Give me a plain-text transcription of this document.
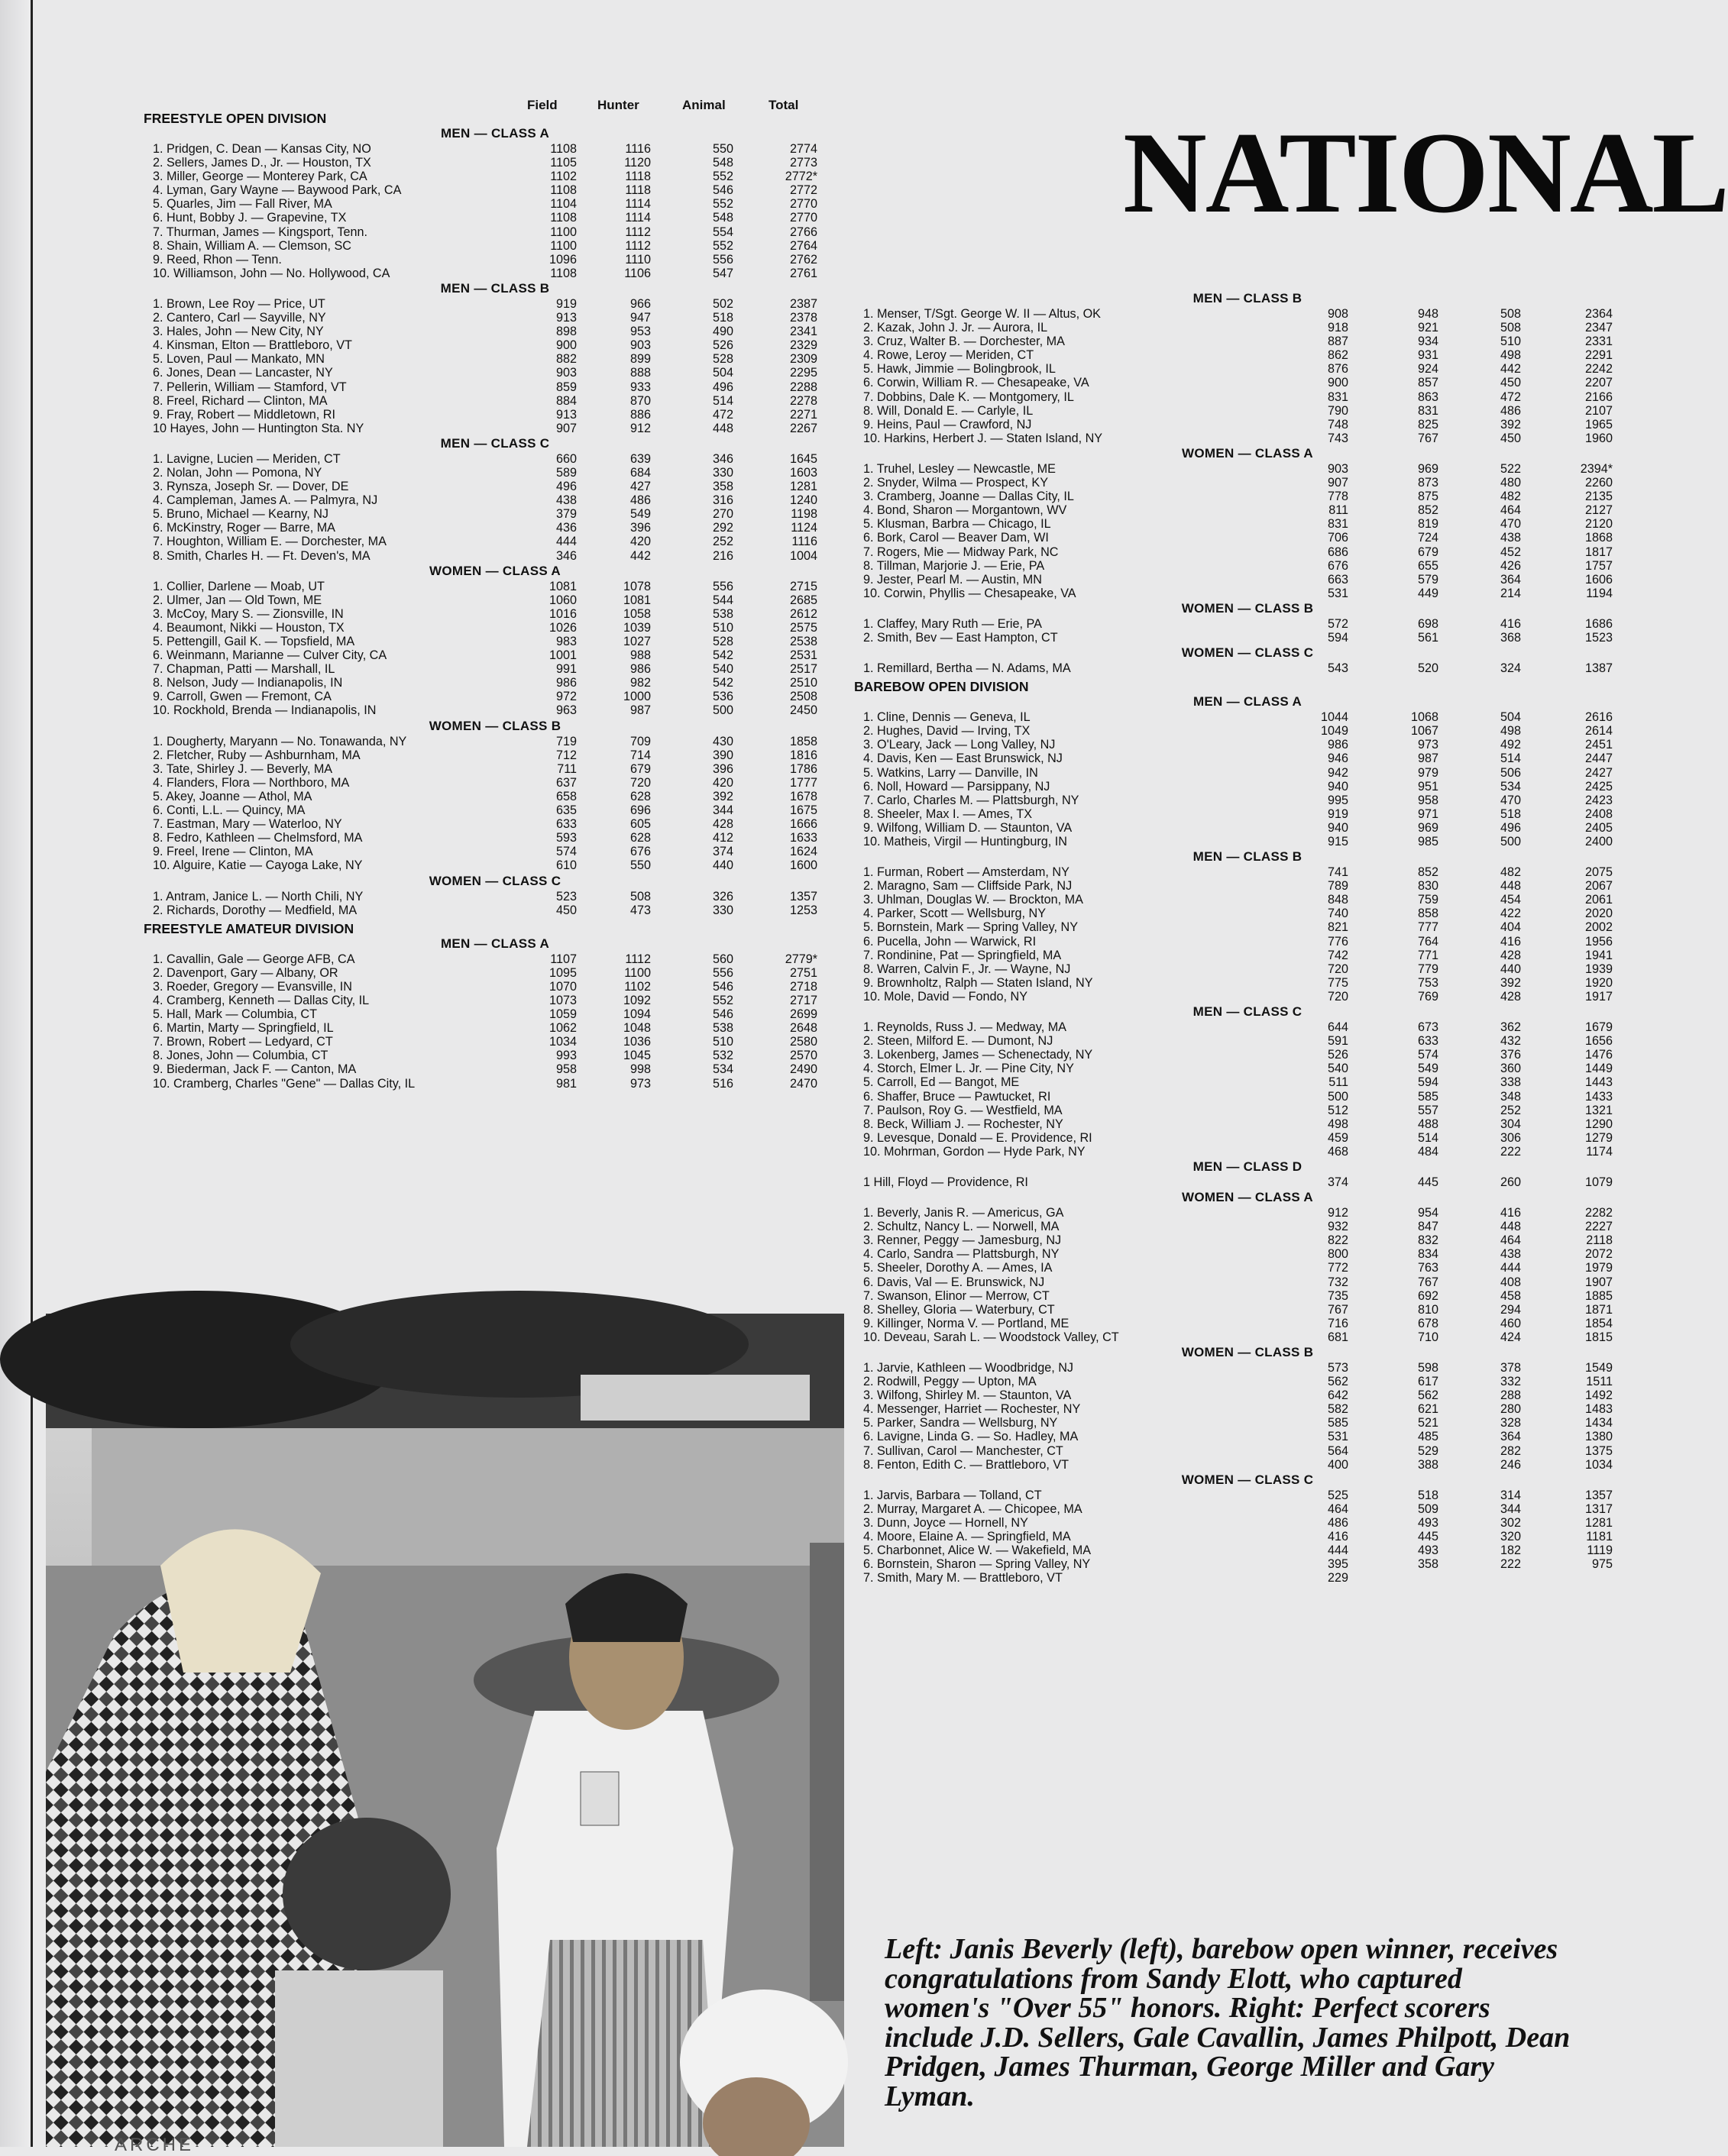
Field	Hunter	Animal	Total
NATIONAL
FREESTYLE OPEN DIVISION
MEN — CLASS A
1. Pridgen, C. Dean — Kansas City, NO	1108	1116	550	2774
2. Sellers, James D., Jr. — Houston, TX	1105	1120	548	2773
3. Miller, George — Monterey Park, CA	1102	1118	552	2772*
4. Lyman, Gary Wayne — Baywood Park, CA	1108	1118	546	2772
5. Quarles, Jim — Fall River, MA	1104	1114	552	2770
6. Hunt, Bobby J. — Grapevine, TX	1108	1114	548	2770
7. Thurman, James — Kingsport, Tenn.	1100	1112	554	2766
8. Shain, William A. — Clemson, SC	1100	1112	552	2764
9. Reed, Rhon — Tenn.	1096	1110	556	2762
10. Williamson, John — No. Hollywood, CA	1108	1106	547	2761
MEN — CLASS B
1. Brown, Lee Roy — Price, UT	919	966	502	2387
2. Cantero, Carl — Sayville, NY	913	947	518	2378
3. Hales, John — New City, NY	898	953	490	2341
4. Kinsman, Elton — Brattleboro, VT	900	903	526	2329
5. Loven, Paul — Mankato, MN	882	899	528	2309
6. Jones, Dean — Lancaster, NY	903	888	504	2295
7. Pellerin, William — Stamford, VT	859	933	496	2288
8. Freel, Richard — Clinton, MA	884	870	514	2278
9. Fray, Robert — Middletown, RI	913	886	472	2271
10 Hayes, John — Huntington Sta. NY	907	912	448	2267
MEN — CLASS C
1. Lavigne, Lucien — Meriden, CT	660	639	346	1645
2. Nolan, John — Pomona, NY	589	684	330	1603
3. Rynsza, Joseph Sr. — Dover, DE	496	427	358	1281
4. Campleman, James A. — Palmyra, NJ	438	486	316	1240
5. Bruno, Michael — Kearny, NJ	379	549	270	1198
6. McKinstry, Roger — Barre, MA	436	396	292	1124
7. Houghton, William E. — Dorchester, MA	444	420	252	1116
8. Smith, Charles H. — Ft. Deven's, MA	346	442	216	1004
WOMEN — CLASS A
1. Collier, Darlene — Moab, UT	1081	1078	556	2715
2. Ulmer, Jan — Old Town, ME	1060	1081	544	2685
3. McCoy, Mary S. — Zionsville, IN	1016	1058	538	2612
4. Beaumont, Nikki — Houston, TX	1026	1039	510	2575
5. Pettengill, Gail K. — Topsfield, MA	983	1027	528	2538
6. Weinmann, Marianne — Culver City, CA	1001	988	542	2531
7. Chapman, Patti — Marshall, IL	991	986	540	2517
8. Nelson, Judy — Indianapolis, IN	986	982	542	2510
9. Carroll, Gwen — Fremont, CA	972	1000	536	2508
10. Rockhold, Brenda — Indianapolis, IN	963	987	500	2450
WOMEN — CLASS B
1. Dougherty, Maryann — No. Tonawanda, NY	719	709	430	1858
2. Fletcher, Ruby — Ashburnham, MA	712	714	390	1816
3. Tate, Shirley J. — Beverly, MA	711	679	396	1786
4. Flanders, Flora — Northboro, MA	637	720	420	1777
5. Akey, Joanne — Athol, MA	658	628	392	1678
6. Conti, L.L. — Quincy, MA	635	696	344	1675
7. Eastman, Mary — Waterloo, NY	633	605	428	1666
8. Fedro, Kathleen — Chelmsford, MA	593	628	412	1633
9. Freel, Irene — Clinton, MA	574	676	374	1624
10. Alguire, Katie — Cayoga Lake, NY	610	550	440	1600
WOMEN — CLASS C
1. Antram, Janice L. — North Chili, NY	523	508	326	1357
2. Richards, Dorothy — Medfield, MA	450	473	330	1253
FREESTYLE AMATEUR DIVISION
MEN — CLASS A
1. Cavallin, Gale — George AFB, CA	1107	1112	560	2779*
2. Davenport, Gary — Albany, OR	1095	1100	556	2751
3. Roeder, Gregory — Evansville, IN	1070	1102	546	2718
4. Cramberg, Kenneth — Dallas City, IL	1073	1092	552	2717
5. Hall, Mark — Columbia, CT	1059	1094	546	2699
6. Martin, Marty — Springfield, IL	1062	1048	538	2648
7. Brown, Robert — Ledyard, CT	1034	1036	510	2580
8. Jones, John — Columbia, CT	993	1045	532	2570
9. Biederman, Jack F. — Canton, MA	958	998	534	2490
10. Cramberg, Charles "Gene" — Dallas City, IL	981	973	516	2470
MEN — CLASS B
1. Menser, T/Sgt. George W. II — Altus, OK	908	948	508	2364
2. Kazak, John J. Jr. — Aurora, IL	918	921	508	2347
3. Cruz, Walter B. — Dorchester, MA	887	934	510	2331
4. Rowe, Leroy — Meriden, CT	862	931	498	2291
5. Hawk, Jimmie — Bolingbrook, IL	876	924	442	2242
6. Corwin, William R. — Chesapeake, VA	900	857	450	2207
7. Dobbins, Dale K. — Montgomery, IL	831	863	472	2166
8. Will, Donald E. — Carlyle, IL	790	831	486	2107
9. Heins, Paul — Crawford, NJ	748	825	392	1965
10. Harkins, Herbert J. — Staten Island, NY	743	767	450	1960
WOMEN — CLASS A
1. Truhel, Lesley — Newcastle, ME	903	969	522	2394*
2. Snyder, Wilma — Prospect, KY	907	873	480	2260
3. Cramberg, Joanne — Dallas City, IL	778	875	482	2135
4. Bond, Sharon — Morgantown, WV	811	852	464	2127
5. Klusman, Barbra — Chicago, IL	831	819	470	2120
6. Bork, Carol — Beaver Dam, WI	706	724	438	1868
7. Rogers, Mie — Midway Park, NC	686	679	452	1817
8. Tillman, Marjorie J. — Erie, PA	676	655	426	1757
9. Jester, Pearl M. — Austin, MN	663	579	364	1606
10. Corwin, Phyllis — Chesapeake, VA	531	449	214	1194
WOMEN — CLASS B
1. Claffey, Mary Ruth — Erie, PA	572	698	416	1686
2. Smith, Bev — East Hampton, CT	594	561	368	1523
WOMEN — CLASS C
1. Remillard, Bertha — N. Adams, MA	543	520	324	1387
BAREBOW OPEN DIVISION
MEN — CLASS A
1. Cline, Dennis — Geneva, IL	1044	1068	504	2616
2. Hughes, David — Irving, TX	1049	1067	498	2614
3. O'Leary, Jack — Long Valley, NJ	986	973	492	2451
4. Davis, Ken — East Brunswick, NJ	946	987	514	2447
5. Watkins, Larry — Danville, IN	942	979	506	2427
6. Noll, Howard — Parsippany, NJ	940	951	534	2425
7. Carlo, Charles M. — Plattsburgh, NY	995	958	470	2423
8. Sheeler, Max I. — Ames, TX	919	971	518	2408
9. Wilfong, William D. — Staunton, VA	940	969	496	2405
10. Matheis, Virgil — Huntingburg, IN	915	985	500	2400
MEN — CLASS B
1. Furman, Robert — Amsterdam, NY	741	852	482	2075
2. Maragno, Sam — Cliffside Park, NJ	789	830	448	2067
3. Uhlman, Douglas W. — Brockton, MA	848	759	454	2061
4. Parker, Scott — Wellsburg, NY	740	858	422	2020
5. Bornstein, Mark — Spring Valley, NY	821	777	404	2002
6. Pucella, John — Warwick, RI	776	764	416	1956
7. Rondinine, Pat — Springfield, MA	742	771	428	1941
8. Warren, Calvin F., Jr. — Wayne, NJ	720	779	440	1939
9. Brownholtz, Ralph — Staten Island, NY	775	753	392	1920
10. Mole, David — Fondo, NY	720	769	428	1917
MEN — CLASS C
1. Reynolds, Russ J. — Medway, MA	644	673	362	1679
2. Steen, Milford E. — Dumont, NJ	591	633	432	1656
3. Lokenberg, James — Schenectady, NY	526	574	376	1476
4. Storch, Elmer L. Jr. — Pine City, NY	540	549	360	1449
5. Carroll, Ed — Bangot, ME	511	594	338	1443
6. Shaffer, Bruce — Pawtucket, RI	500	585	348	1433
7. Paulson, Roy G. — Westfield, MA	512	557	252	1321
8. Beck, William J. — Rochester, NY	498	488	304	1290
9. Levesque, Donald — E. Providence, RI	459	514	306	1279
10. Mohrman, Gordon — Hyde Park, NY	468	484	222	1174
MEN — CLASS D
1 Hill, Floyd — Providence, RI	374	445	260	1079
WOMEN — CLASS A
1. Beverly, Janis R. — Americus, GA	912	954	416	2282
2. Schultz, Nancy L. — Norwell, MA	932	847	448	2227
3. Renner, Peggy — Jamesburg, NJ	822	832	464	2118
4. Carlo, Sandra — Plattsburgh, NY	800	834	438	2072
5. Sheeler, Dorothy A. — Ames, IA	772	763	444	1979
6. Davis, Val — E. Brunswick, NJ	732	767	408	1907
7. Swanson, Elinor — Merrow, CT	735	692	458	1885
8. Shelley, Gloria — Waterbury, CT	767	810	294	1871
9. Killinger, Norma V. — Portland, ME	716	678	460	1854
10. Deveau, Sarah L. — Woodstock Valley, CT	681	710	424	1815
WOMEN — CLASS B
1. Jarvie, Kathleen — Woodbridge, NJ	573	598	378	1549
2. Rodwill, Peggy — Upton, MA	562	617	332	1511
3. Wilfong, Shirley M. — Staunton, VA	642	562	288	1492
4. Messenger, Harriet — Rochester, NY	582	621	280	1483
5. Parker, Sandra — Wellsburg, NY	585	521	328	1434
6. Lavigne, Linda G. — So. Hadley, MA	531	485	364	1380
7. Sullivan, Carol — Manchester, CT	564	529	282	1375
8. Fenton, Edith C. — Brattleboro, VT	400	388	246	1034
WOMEN — CLASS C
1. Jarvis, Barbara — Tolland, CT	525	518	314	1357
2. Murray, Margaret A. — Chicopee, MA	464	509	344	1317
3. Dunn, Joyce — Hornell, NY	486	493	302	1281
4. Moore, Elaine A. — Springfield, MA	416	445	320	1181
5. Charbonnet, Alice W. — Wakefield, MA	444	493	182	1119
6. Bornstein, Sharon — Spring Valley, NY	395	358	222	975
7. Smith, Mary M. — Brattleboro, VT	229
Left: Janis Beverly (left), barebow open winner, receives congratulations from Sandy Elott, who captured women's "Over 55" honors. Right: Perfect scorers include J.D. Sellers, Gale Cavallin, James Philpott, Dean Pridgen, James Thurman, George Miller and Gary Lyman.
ARCHE
